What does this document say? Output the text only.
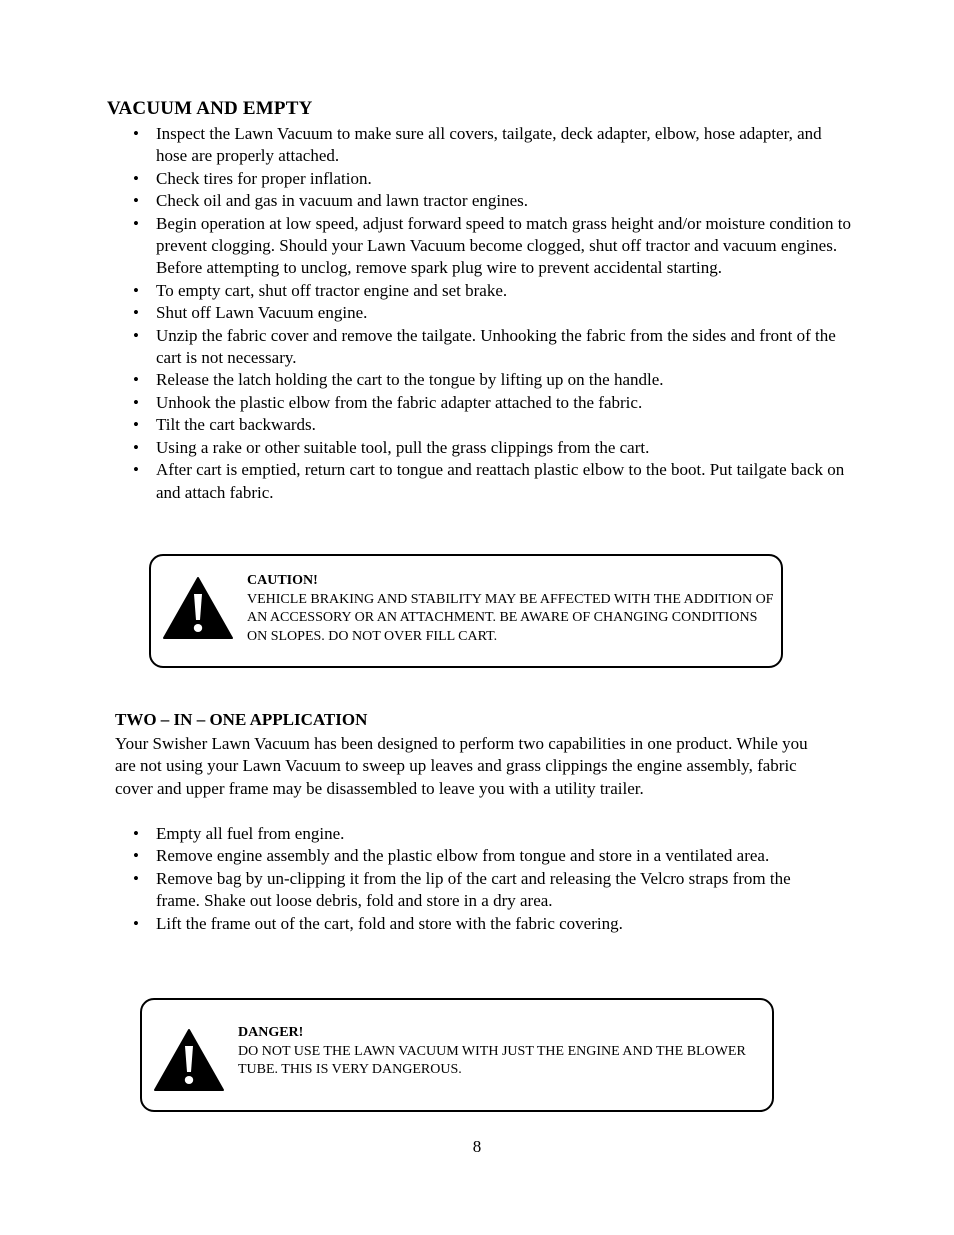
VACUUM AND EMPTY
• Inspect the Lawn Vacuum to make sure all covers, tailgate, deck adapter, elbow, hose adapter, and hose are properly attached.
• Check tires for proper inflation.
• Check oil and gas in vacuum and lawn tractor engines.
• Begin operation at low speed, adjust forward speed to match grass height and/or moisture condition to prevent clogging. Should your Lawn Vacuum become clogged, shut off tractor and vacuum engines. Before attempting to unclog, remove spark plug wire to prevent accidental starting.
• To empty cart, shut off tractor engine and set brake.
• Shut off Lawn Vacuum engine.
• Unzip the fabric cover and remove the tailgate. Unhooking the fabric from the sides and front of the cart is not necessary.
• Release the latch holding the cart to the tongue by lifting up on the handle.
• Unhook the plastic elbow from the fabric adapter attached to the fabric.
• Tilt the cart backwards.
• Using a rake or other suitable tool, pull the grass clippings from the cart.
• After cart is emptied, return cart to tongue and reattach plastic elbow to the boot. Put tailgate back on and attach fabric.
CAUTION!
VEHICLE BRAKING AND STABILITY MAY BE AFFECTED WITH THE ADDITION OF AN ACCESSORY OR AN ATTACHMENT. BE AWARE OF CHANGING CONDITIONS ON SLOPES. DO NOT OVER FILL CART.
TWO – IN – ONE APPLICATION

Your Swisher Lawn Vacuum has been designed to perform two capabilities in one product. While you are not using your Lawn Vacuum to sweep up leaves and grass clippings the engine assembly, fabric cover and upper frame may be disassembled to leave you with a utility trailer.

• Empty all fuel from engine.
• Remove engine assembly and the plastic elbow from tongue and store in a ventilated area.
• Remove bag by un-clipping it from the lip of the cart and releasing the Velcro straps from the frame. Shake out loose debris, fold and store in a dry area.
• Lift the frame out of the cart, fold and store with the fabric covering.
DANGER!
DO NOT USE THE LAWN VACUUM WITH JUST THE ENGINE AND THE BLOWER TUBE. THIS IS VERY DANGEROUS.
8
